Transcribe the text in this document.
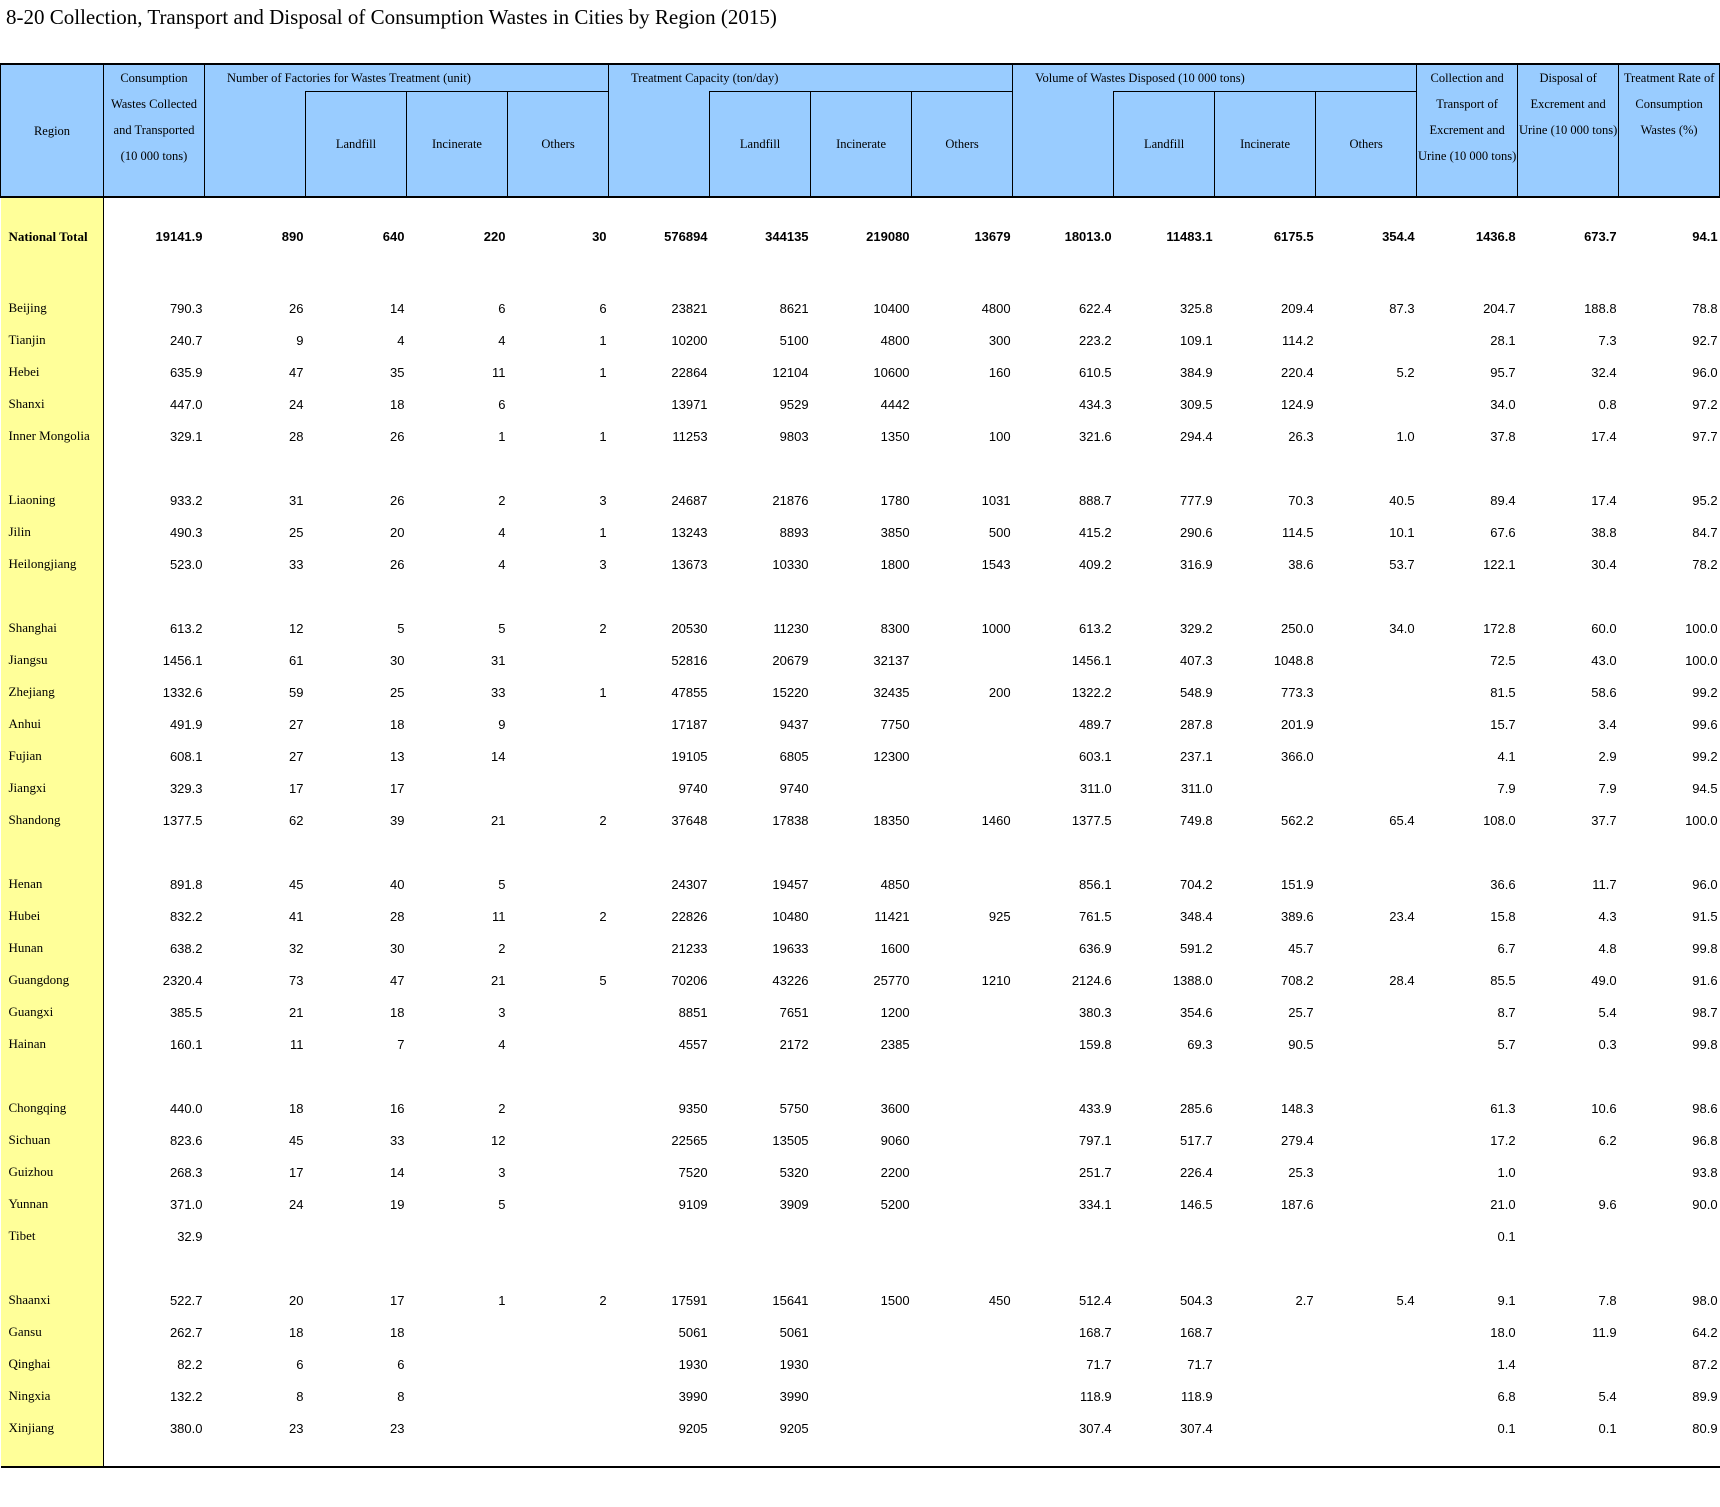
8-20 Collection, Transport and Disposal of Consumption Wastes in Cities by Region (2015)
Region	Consumption Wastes Collected and Transported (10 000 tons)	Number of Factories for Wastes Treatment (unit)				Treatment Capacity (ton/day)				Volume of Wastes Disposed (10 000 tons)				Collection and Transport of Excrement and Urine (10 000 tons)	Disposal of Excrement and Urine (10 000 tons)	Treatment Rate of Consumption Wastes (%)
			Landfill	Incinerate	Others		Landfill	Incinerate	Others		Landfill	Incinerate	Others			

National Total	19141.9	890	640	220	30	576894	344135	219080	13679	18013.0	11483.1	6175.5	354.4	1436.8	673.7	94.1

Beijing	790.3	26	14	6	6	23821	8621	10400	4800	622.4	325.8	209.4	87.3	204.7	188.8	78.8
Tianjin	240.7	9	4	4	1	10200	5100	4800	300	223.2	109.1	114.2		28.1	7.3	92.7
Hebei	635.9	47	35	11	1	22864	12104	10600	160	610.5	384.9	220.4	5.2	95.7	32.4	96.0
Shanxi	447.0	24	18	6		13971	9529	4442		434.3	309.5	124.9		34.0	0.8	97.2
Inner Mongolia	329.1	28	26	1	1	11253	9803	1350	100	321.6	294.4	26.3	1.0	37.8	17.4	97.7

Liaoning	933.2	31	26	2	3	24687	21876	1780	1031	888.7	777.9	70.3	40.5	89.4	17.4	95.2
Jilin	490.3	25	20	4	1	13243	8893	3850	500	415.2	290.6	114.5	10.1	67.6	38.8	84.7
Heilongjiang	523.0	33	26	4	3	13673	10330	1800	1543	409.2	316.9	38.6	53.7	122.1	30.4	78.2

Shanghai	613.2	12	5	5	2	20530	11230	8300	1000	613.2	329.2	250.0	34.0	172.8	60.0	100.0
Jiangsu	1456.1	61	30	31		52816	20679	32137		1456.1	407.3	1048.8		72.5	43.0	100.0
Zhejiang	1332.6	59	25	33	1	47855	15220	32435	200	1322.2	548.9	773.3		81.5	58.6	99.2
Anhui	491.9	27	18	9		17187	9437	7750		489.7	287.8	201.9		15.7	3.4	99.6
Fujian	608.1	27	13	14		19105	6805	12300		603.1	237.1	366.0		4.1	2.9	99.2
Jiangxi	329.3	17	17			9740	9740			311.0	311.0			7.9	7.9	94.5
Shandong	1377.5	62	39	21	2	37648	17838	18350	1460	1377.5	749.8	562.2	65.4	108.0	37.7	100.0

Henan	891.8	45	40	5		24307	19457	4850		856.1	704.2	151.9		36.6	11.7	96.0
Hubei	832.2	41	28	11	2	22826	10480	11421	925	761.5	348.4	389.6	23.4	15.8	4.3	91.5
Hunan	638.2	32	30	2		21233	19633	1600		636.9	591.2	45.7		6.7	4.8	99.8
Guangdong	2320.4	73	47	21	5	70206	43226	25770	1210	2124.6	1388.0	708.2	28.4	85.5	49.0	91.6
Guangxi	385.5	21	18	3		8851	7651	1200		380.3	354.6	25.7		8.7	5.4	98.7
Hainan	160.1	11	7	4		4557	2172	2385		159.8	69.3	90.5		5.7	0.3	99.8

Chongqing	440.0	18	16	2		9350	5750	3600		433.9	285.6	148.3		61.3	10.6	98.6
Sichuan	823.6	45	33	12		22565	13505	9060		797.1	517.7	279.4		17.2	6.2	96.8
Guizhou	268.3	17	14	3		7520	5320	2200		251.7	226.4	25.3		1.0		93.8
Yunnan	371.0	24	19	5		9109	3909	5200		334.1	146.5	187.6		21.0	9.6	90.0
Tibet	32.9													0.1		

Shaanxi	522.7	20	17	1	2	17591	15641	1500	450	512.4	504.3	2.7	5.4	9.1	7.8	98.0
Gansu	262.7	18	18			5061	5061			168.7	168.7			18.0	11.9	64.2
Qinghai	82.2	6	6			1930	1930			71.7	71.7			1.4		87.2
Ningxia	132.2	8	8			3990	3990			118.9	118.9			6.8	5.4	89.9
Xinjiang	380.0	23	23			9205	9205			307.4	307.4			0.1	0.1	80.9
